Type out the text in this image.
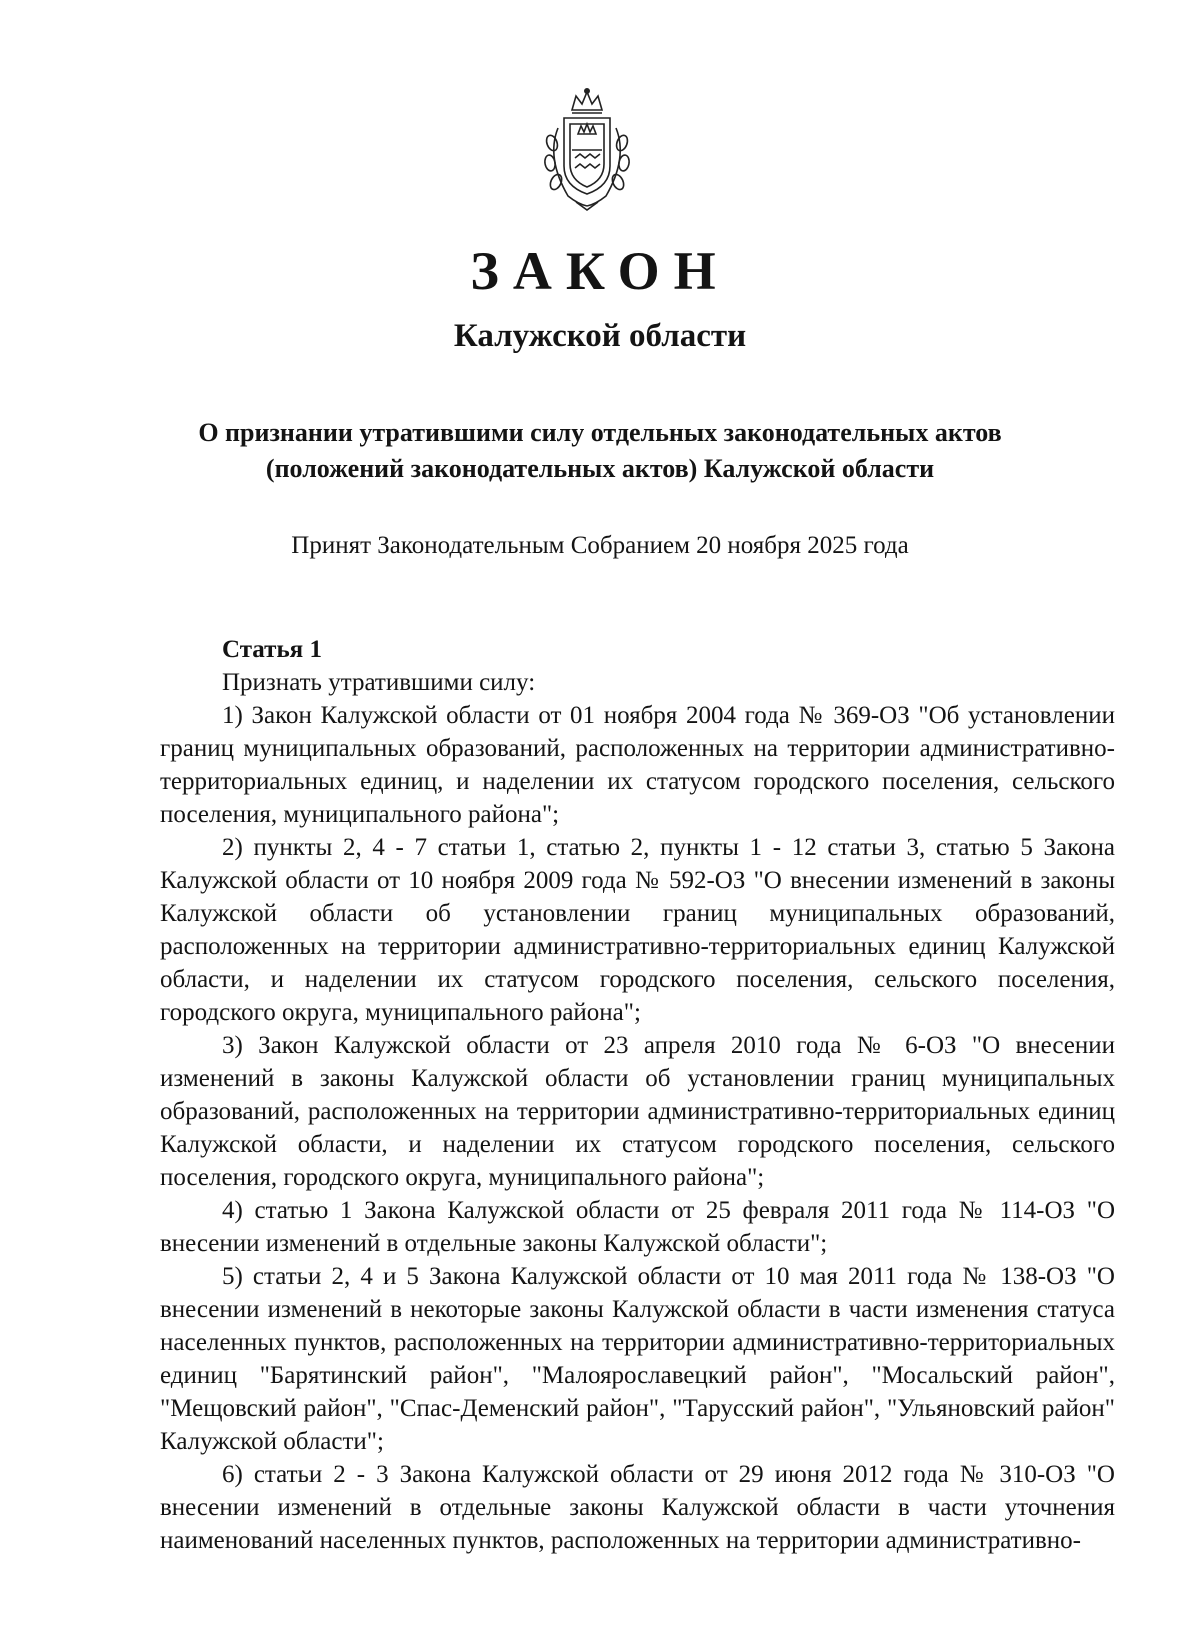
ЗАКОН
Калужской области
О признании утратившими силу отдельных законодательных актов
(положений законодательных актов) Калужской области
Принят Законодательным Собранием 20 ноября 2025 года
Статья 1
Признать утратившими силу:

1) Закон Калужской области от 01 ноября 2004 года № 369-ОЗ "Об установлении границ муниципальных образований, расположенных на территории административно-территориальных единиц, и наделении их статусом городского поселения, сельского поселения, муниципального района";

2) пункты 2, 4 - 7 статьи 1, статью 2, пункты 1 - 12 статьи 3, статью 5 Закона Калужской области от 10 ноября 2009 года № 592-ОЗ "О внесении изменений в законы Калужской области об установлении границ муниципальных образований, расположенных на территории административно-территориальных единиц Калужской области, и наделении их статусом городского поселения, сельского поселения, городского округа, муниципального района";

3) Закон Калужской области от 23 апреля 2010 года № 6-ОЗ "О внесении изменений в законы Калужской области об установлении границ муниципальных образований, расположенных на территории административно-территориальных единиц Калужской области, и наделении их статусом городского поселения, сельского поселения, городского округа, муниципального района";

4) статью 1 Закона Калужской области от 25 февраля 2011 года № 114-ОЗ "О внесении изменений в отдельные законы Калужской области";

5) статьи 2, 4 и 5 Закона Калужской области от 10 мая 2011 года № 138-ОЗ "О внесении изменений в некоторые законы Калужской области в части изменения статуса населенных пунктов, расположенных на территории административно-территориальных единиц "Барятинский район", "Малоярославецкий район", "Мосальский район", "Мещовский район", "Спас-Деменский район", "Тарусский район", "Ульяновский район" Калужской области";

6) статьи 2 - 3 Закона Калужской области от 29 июня 2012 года № 310-ОЗ "О внесении изменений в отдельные законы Калужской области в части уточнения наименований населенных пунктов, расположенных на территории административно-
